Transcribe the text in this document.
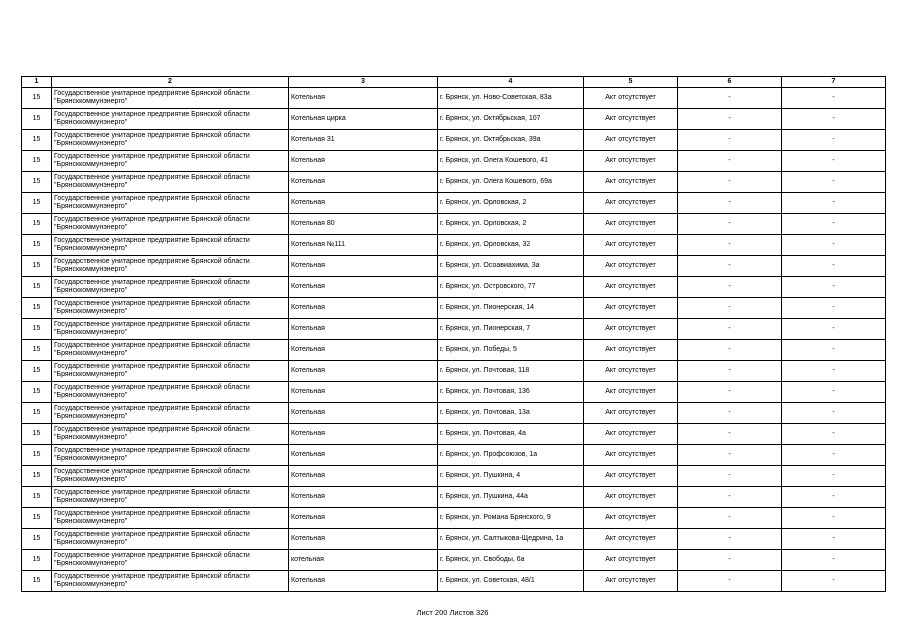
1	2	3	4	5	6	7
15	Государственное унитарное предприятие Брянской области "Брянсккоммунэнерго"	Котельная	г. Брянск, ул. Ново-Советская, 83а	Акт отсутствует	-	-
15	Государственное унитарное предприятие Брянской области "Брянсккоммунэнерго"	Котельная цирка	г. Брянск, ул. Октябрьская, 107	Акт отсутствует	-	-
15	Государственное унитарное предприятие Брянской области "Брянсккоммунэнерго"	Котельная 31	г. Брянск, ул. Октябрьская, 39а	Акт отсутствует	-	-
15	Государственное унитарное предприятие Брянской области "Брянсккоммунэнерго"	Котельная	г. Брянск, ул. Олега Кошевого, 41	Акт отсутствует	-	-
15	Государственное унитарное предприятие Брянской области "Брянсккоммунэнерго"	Котельная	г. Брянск, ул. Олега Кошевого, 69а	Акт отсутствует	-	-
15	Государственное унитарное предприятие Брянской области "Брянсккоммунэнерго"	Котельная	г. Брянск, ул. Орловская, 2	Акт отсутствует	-	-
15	Государственное унитарное предприятие Брянской области "Брянсккоммунэнерго"	Котельная 80	г. Брянск, ул. Орловская, 2	Акт отсутствует	-	-
15	Государственное унитарное предприятие Брянской области "Брянсккоммунэнерго"	Котельная №111	г. Брянск, ул. Орловская, 32	Акт отсутствует	-	-
15	Государственное унитарное предприятие Брянской области "Брянсккоммунэнерго"	Котельная	г. Брянск, ул. Осоавиахима, 3а	Акт отсутствует	-	-
15	Государственное унитарное предприятие Брянской области "Брянсккоммунэнерго"	Котельная	г. Брянск, ул. Островского, 77	Акт отсутствует	-	-
15	Государственное унитарное предприятие Брянской области "Брянсккоммунэнерго"	Котельная	г. Брянск, ул. Пионерская, 14	Акт отсутствует	-	-
15	Государственное унитарное предприятие Брянской области "Брянсккоммунэнерго"	Котельная	г. Брянск, ул. Пионерская, 7	Акт отсутствует	-	-
15	Государственное унитарное предприятие Брянской области "Брянсккоммунэнерго"	Котельная	г. Брянск, ул. Победы, 5	Акт отсутствует	-	-
15	Государственное унитарное предприятие Брянской области "Брянсккоммунэнерго"	Котельная	г. Брянск, ул. Почтовая, 118	Акт отсутствует	-	-
15	Государственное унитарное предприятие Брянской области "Брянсккоммунэнерго"	Котельная	г. Брянск, ул. Почтовая, 136	Акт отсутствует	-	-
15	Государственное унитарное предприятие Брянской области "Брянсккоммунэнерго"	Котельная	г. Брянск, ул. Почтовая, 13а	Акт отсутствует	-	-
15	Государственное унитарное предприятие Брянской области "Брянсккоммунэнерго"	Котельная	г. Брянск, ул. Почтовая, 4а	Акт отсутствует	-	-
15	Государственное унитарное предприятие Брянской области "Брянсккоммунэнерго"	Котельная	г. Брянск, ул. Профсоюзов, 1а	Акт отсутствует	-	-
15	Государственное унитарное предприятие Брянской области "Брянсккоммунэнерго"	Котельная	г. Брянск, ул. Пушкина, 4	Акт отсутствует	-	-
15	Государственное унитарное предприятие Брянской области "Брянсккоммунэнерго"	Котельная	г. Брянск, ул. Пушкина, 44а	Акт отсутствует	-	-
15	Государственное унитарное предприятие Брянской области "Брянсккоммунэнерго"	Котельная	г. Брянск, ул. Романа Брянского, 9	Акт отсутствует	-	-
15	Государственное унитарное предприятие Брянской области "Брянсккоммунэнерго"	Котельная	г. Брянск, ул. Салтыкова-Щедрина, 1а	Акт отсутствует	-	-
15	Государственное унитарное предприятие Брянской области "Брянсккоммунэнерго"	котельная	г. Брянск, ул. Свободы, 6а	Акт отсутствует	-	-
15	Государственное унитарное предприятие Брянской области "Брянсккоммунэнерго"	Котельная	г. Брянск, ул. Советская, 48/1	Акт отсутствует	-	-
Лист 200 Листов 326
